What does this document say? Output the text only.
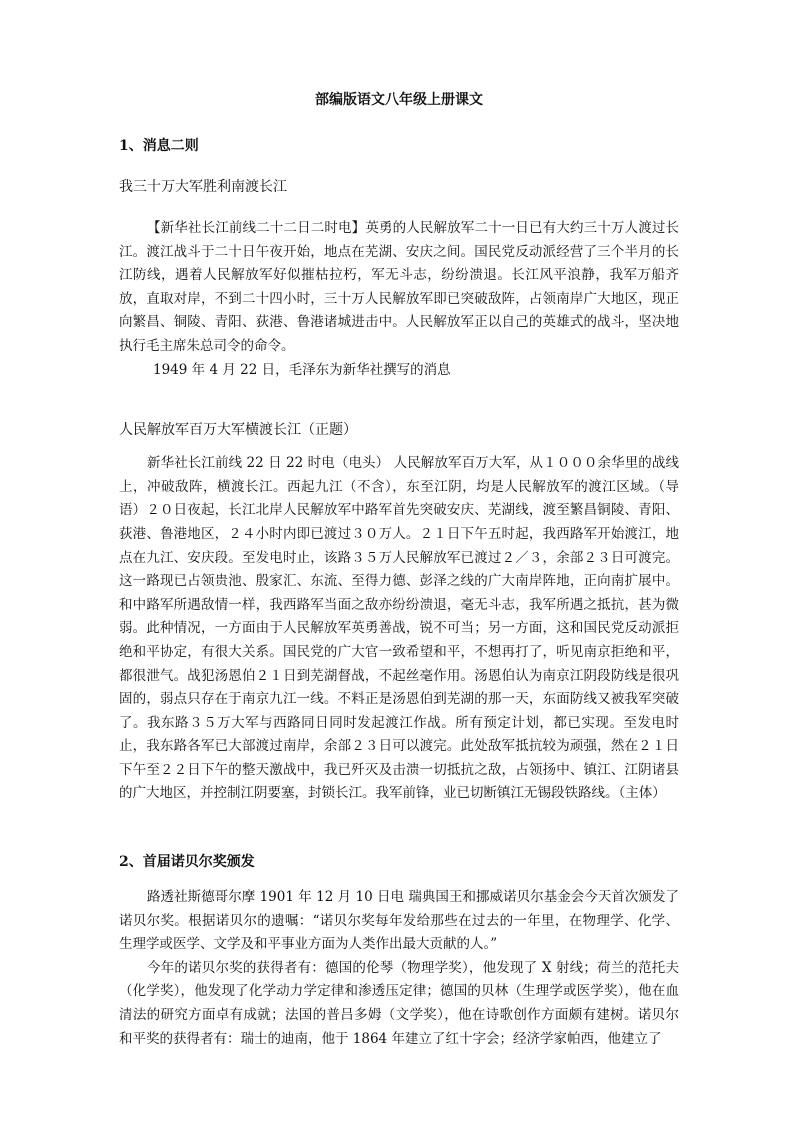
部编版语文八年级上册课文
1、消息二则
我三十万大军胜利南渡长江

【新华社长江前线二十二日二时电】英勇的人民解放军二十一日已有大约三十万人渡过长江。渡江战斗于二十日午夜开始，地点在芜湖、安庆之间。国民党反动派经营了三个半月的长江防线，遇着人民解放军好似摧枯拉朽，军无斗志，纷纷溃退。长江风平浪静，我军万船齐放，直取对岸，不到二十四小时，三十万人民解放军即已突破敌阵，占领南岸广大地区，现正向繁昌、铜陵、青阳、荻港、鲁港诸城进击中。人民解放军正以自己的英雄式的战斗，坚决地执行毛主席朱总司令的命令。

1949 年 4 月 22 日，毛泽东为新华社撰写的消息

人民解放军百万大军横渡长江（正题）

新华社长江前线 22 日 22 时电（电头） 人民解放军百万大军，从１０００余华里的战线上，冲破敌阵，横渡长江。西起九江（不含），东至江阴，均是人民解放军的渡江区域。（导语）２０日夜起，长江北岸人民解放军中路军首先突破安庆、芜湖线，渡至繁昌铜陵、青阳、荻港、鲁港地区，２４小时内即已渡过３０万人。２１日下午五时起，我西路军开始渡江，地点在九江、安庆段。至发电时止，该路３５万人民解放军已渡过２／３，余部２３日可渡完。这一路现已占领贵池、殷家汇、东流、至得力德、彭泽之线的广大南岸阵地，正向南扩展中。和中路军所遇敌情一样，我西路军当面之敌亦纷纷溃退，毫无斗志，我军所遇之抵抗，甚为微弱。此种情况，一方面由于人民解放军英勇善战，锐不可当；另一方面，这和国民党反动派拒绝和平协定，有很大关系。国民党的广大官一致希望和平，不想再打了，听见南京拒绝和平，都很泄气。战犯汤恩伯２１日到芜湖督战，不起丝毫作用。汤恩伯认为南京江阴段防线是很巩固的，弱点只存在于南京九江一线。不料正是汤恩伯到芜湖的那一天，东面防线又被我军突破了。我东路３５万大军与西路同日同时发起渡江作战。所有预定计划，都已实现。至发电时止，我东路各军已大部渡过南岸，余部２３日可以渡完。此处敌军抵抗较为顽强，然在２１日下午至２２日下午的整天激战中，我已歼灭及击溃一切抵抗之敌，占领扬中、镇江、江阴诸县的广大地区，并控制江阴要塞，封锁长江。我军前锋，业已切断镇江无锡段铁路线。（主体）

2、首届诺贝尔奖颁发

路透社斯德哥尔摩 1901 年 12 月 10 日电 瑞典国王和挪威诺贝尔基金会今天首次颁发了诺贝尔奖。根据诺贝尔的遗嘱：“诺贝尔奖每年发给那些在过去的一年里，在物理学、化学、生理学或医学、文学及和平事业方面为人类作出最大贡献的人。”

今年的诺贝尔奖的获得者有：德国的伦琴（物理学奖），他发现了 X 射线；荷兰的范托夫（化学奖），他发现了化学动力学定律和渗透压定律；德国的贝林（生理学或医学奖），他在血清法的研究方面卓有成就；法国的普吕多姆（文学奖），他在诗歌创作方面颇有建树。诺贝尔和平奖的获得者有：瑞士的迪南，他于 1864 年建立了红十字会；经济学家帕西，他建立了
